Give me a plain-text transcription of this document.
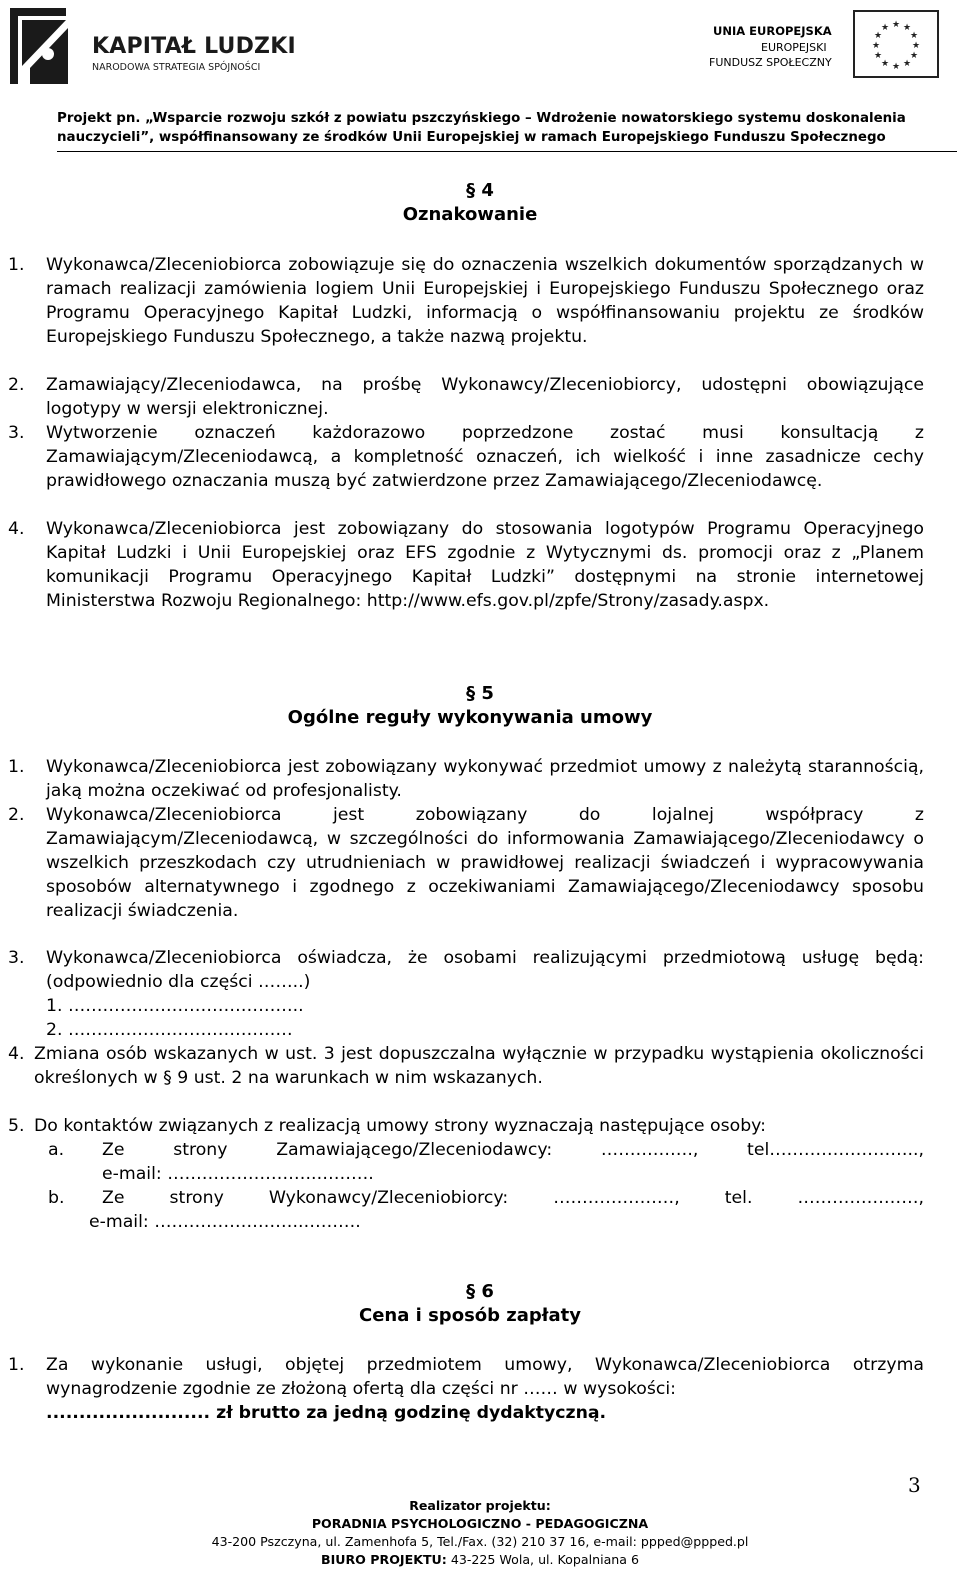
KAPITAŁ LUDZKI
NARODOWA STRATEGIA SPÓJNOŚCI
UNIA EUROPEJSKA
EUROPEJSKI
FUNDUSZ SPOŁECZNY
★ ★
★
★
★
★
★
★
★
★
★
★
Projekt pn. „Wsparcie rozwoju szkół z powiatu pszczyńskiego – Wdrożenie nowatorskiego systemu doskonalenia
nauczycieli”, współfinansowany ze środków Unii Europejskiej w ramach Europejskiego Funduszu Społecznego
§ 4
Oznakowanie
1. Wykonawca/Zleceniobiorca zobowiązuje się do oznaczenia wszelkich dokumentów sporządzanych w ramach realizacji zamówienia logiem Unii Europejskiej i Europejskiego Funduszu Społecznego oraz Programu Operacyjnego Kapitał Ludzki, informacją o współfinansowaniu projektu ze środków Europejskiego Funduszu Społecznego, a także nazwą projektu.
2. Zamawiający/Zleceniodawca, na prośbę Wykonawcy/Zleceniobiorcy, udostępni obowiązujące logotypy w wersji elektronicznej.
3. Wytworzenie oznaczeń każdorazowo poprzedzone zostać musi konsultacją z Zamawiającym/Zleceniodawcą, a kompletność oznaczeń, ich wielkość i inne zasadnicze cechy prawidłowego oznaczania muszą być zatwierdzone przez Zamawiającego/Zleceniodawcę.
4. Wykonawca/Zleceniobiorca jest zobowiązany do stosowania logotypów Programu Operacyjnego Kapitał Ludzki i Unii Europejskiej oraz EFS zgodnie z Wytycznymi ds. promocji oraz z „Planem komunikacji Programu Operacyjnego Kapitał Ludzki” dostępnymi na stronie internetowej Ministerstwa Rozwoju Regionalnego: http://www.efs.gov.pl/zpfe/Strony/zasady.aspx.
§ 5
Ogólne reguły wykonywania umowy
1. Wykonawca/Zleceniobiorca jest zobowiązany wykonywać przedmiot umowy z należytą starannością, jaką można oczekiwać od profesjonalisty.
2. Wykonawca/Zleceniobiorca jest zobowiązany do lojalnej współpracy z Zamawiającym/Zleceniodawcą, w szczególności do informowania Zamawiającego/Zleceniodawcy o wszelkich przeszkodach czy utrudnieniach w prawidłowej realizacji świadczeń i wypracowywania sposobów alternatywnego i zgodnego z oczekiwaniami Zamawiającego/Zleceniodawcy sposobu realizacji świadczenia.
3. Wykonawca/Zleceniobiorca oświadcza, że osobami realizującymi przedmiotową usługę będą: (odpowiednio dla części ……..)
1. …………………………………..
2. …………………………………
4. Zmiana osób wskazanych w ust. 3 jest dopuszczalna wyłącznie w przypadku wystąpienia okoliczności określonych w § 9 ust. 2 na warunkach w nim wskazanych.
5. Do kontaktów związanych z realizacją umowy strony wyznaczają następujące osoby:
a. Ze strony Zamawiającego/Zleceniodawcy: ……………., tel……………………..,
e-mail: ……………………..……….
b. Ze strony Wykonawcy/Zleceniobiorcy: …………………, tel. …………………,
e-mail: ……………………..……….
§ 6
Cena i sposób zapłaty
1. Za wykonanie usługi, objętej przedmiotem umowy, Wykonawca/Zleceniobiorca otrzyma wynagrodzenie zgodnie ze złożoną ofertą dla części nr …… w wysokości:
......................... zł brutto za jedną godzinę dydaktyczną.
3
Realizator projektu:
PORADNIA PSYCHOLOGICZNO - PEDAGOGICZNA
43-200 Pszczyna, ul. Zamenhofa 5, Tel./Fax. (32) 210 37 16, e-mail: ppped@ppped.pl
BIURO PROJEKTU: 43-225 Wola, ul. Kopalniana 6
